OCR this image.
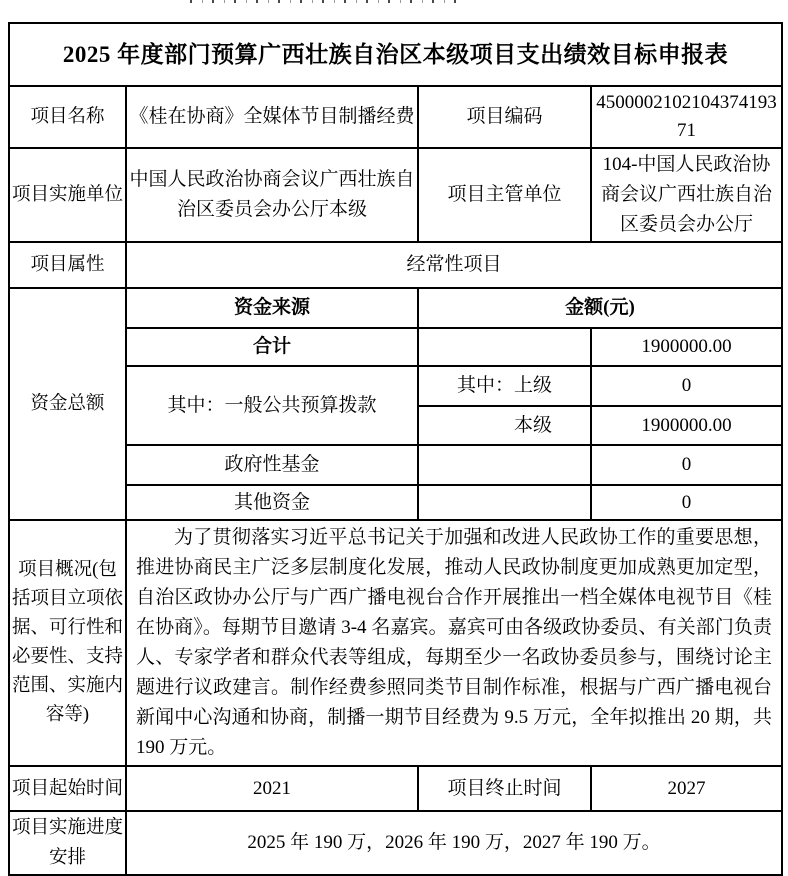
2025 年度部门预算广西壮族自治区本级项目支出绩效目标申报表			
项目名称	《桂在协商》全媒体节目制播经费	项目编码	450000210210437419371
项目实施单位	中国人民政治协商会议广西壮族自治区委员会办公厅本级	项目主管单位	104-中国人民政治协商会议广西壮族自治区委员会办公厅
项目属性	经常性项目		
资金总额	资金来源	金额(元)	
	合计		1900000.00
	其中：一般公共预算拨款	其中：上级	0
		本级	1900000.00
	政府性基金		0
	其他资金		0
项目概况(包括项目立项依据、可行性和必要性、支持范围、实施内容等)	为了贯彻落实习近平总书记关于加强和改进人民政协工作的重要思想，推进协商民主广泛多层制度化发展，推动人民政协制度更加成熟更加定型，自治区政协办公厅与广西广播电视台合作开展推出一档全媒体电视节目《桂在协商》。每期节目邀请 3-4 名嘉宾。嘉宾可由各级政协委员、有关部门负责人、专家学者和群众代表等组成，每期至少一名政协委员参与，围绕讨论主题进行议政建言。制作经费参照同类节目制作标准，根据与广西广播电视台新闻中心沟通和协商，制播一期节目经费为 9.5 万元，全年拟推出 20 期，共 190 万元。		

项目起始时间	2021	项目终止时间	2027
项目实施进度安排	2025 年 190 万，2026 年 190 万，2027 年 190 万。		
